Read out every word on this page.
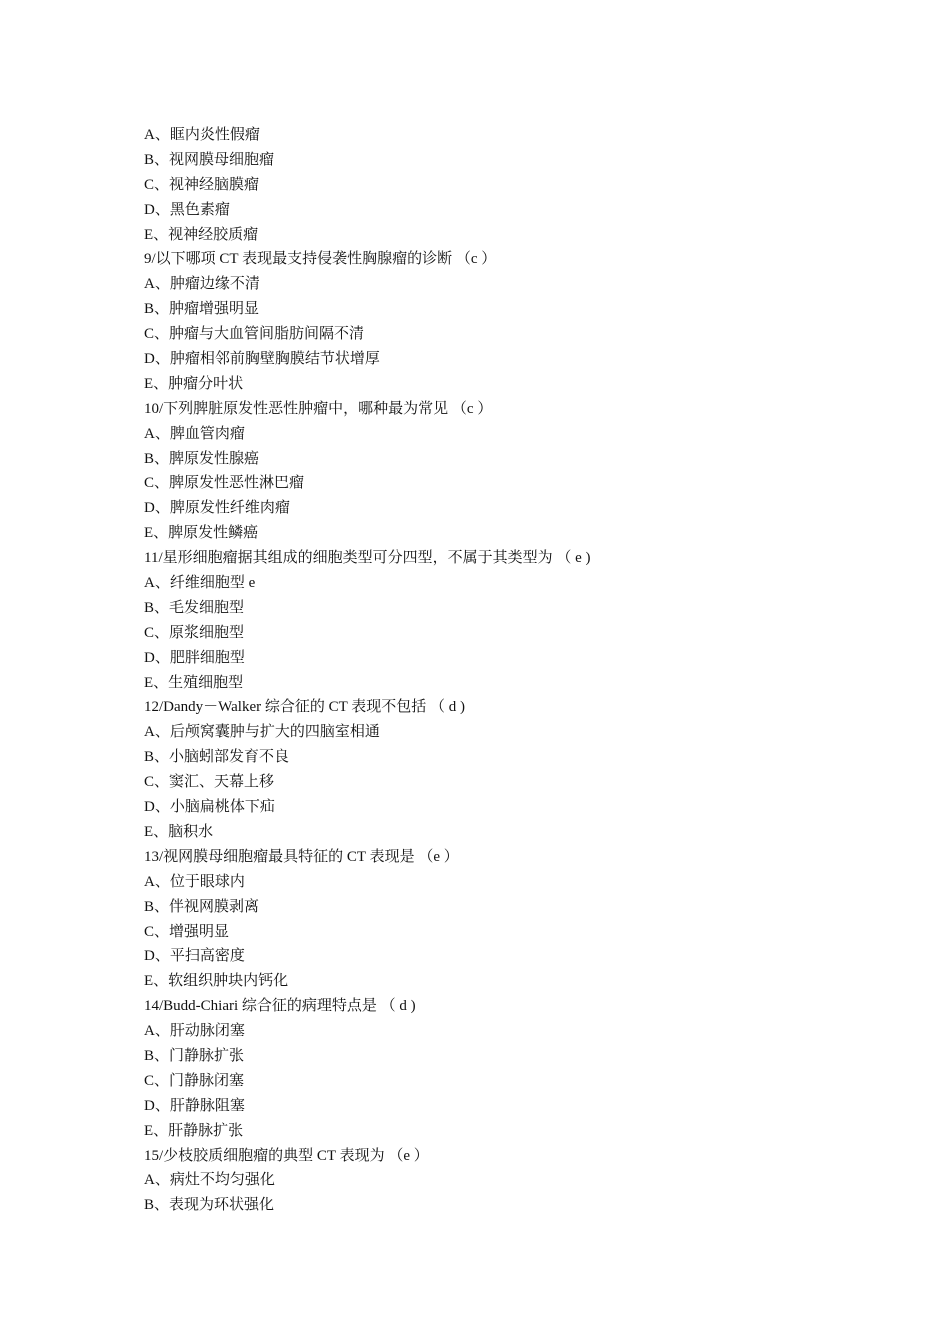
A、眶内炎性假瘤
B、视网膜母细胞瘤
C、视神经脑膜瘤
D、黑色素瘤
E、视神经胶质瘤
9/以下哪项 CT 表现最支持侵袭性胸腺瘤的诊断 （c ）
A、肿瘤边缘不清
B、肿瘤增强明显
C、肿瘤与大血管间脂肪间隔不清
D、肿瘤相邻前胸壁胸膜结节状增厚
E、肿瘤分叶状
10/下列脾脏原发性恶性肿瘤中，哪种最为常见 （c ）
A、脾血管肉瘤
B、脾原发性腺癌
C、脾原发性恶性淋巴瘤
D、脾原发性纤维肉瘤
E、脾原发性鳞癌
11/星形细胞瘤据其组成的细胞类型可分四型，不属于其类型为 （ e )
A、纤维细胞型 e
B、毛发细胞型
C、原浆细胞型
D、肥胖细胞型
E、生殖细胞型
12/Dandy－Walker 综合征的 CT 表现不包括 （ d )
A、后颅窝囊肿与扩大的四脑室相通
B、小脑蚓部发育不良
C、窦汇、天幕上移
D、小脑扁桃体下疝
E、脑积水
13/视网膜母细胞瘤最具特征的 CT 表现是 （e ）
A、位于眼球内
B、伴视网膜剥离
C、增强明显
D、平扫高密度
E、软组织肿块内钙化
14/Budd-Chiari 综合征的病理特点是 （ d )
A、肝动脉闭塞
B、门静脉扩张
C、门静脉闭塞
D、肝静脉阻塞
E、肝静脉扩张
15/少枝胶质细胞瘤的典型 CT 表现为 （e ）
A、病灶不均匀强化
B、表现为环状强化
